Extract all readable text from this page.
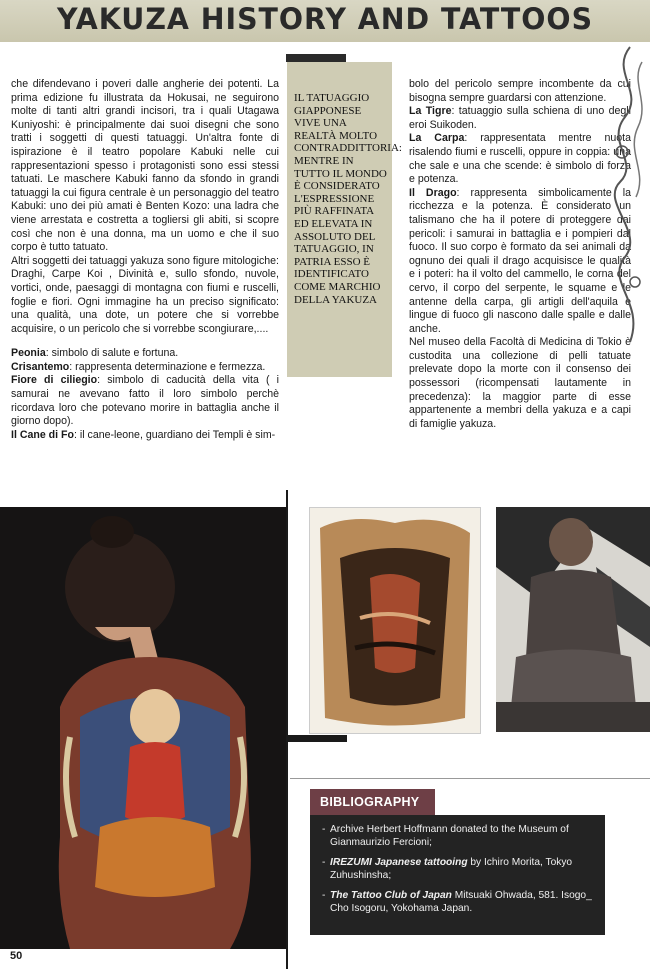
YAKUZA HISTORY AND TATTOOS

che difendevano i poveri dalle angherie dei potenti. La prima edizione fu illustrata da Hokusai, ne seguirono molte di tanti altri grandi incisori, tra i quali Utagawa Kuniyoshi: è principalmente dai suoi disegni che sono tratti i soggetti di questi tatuaggi. Un'altra fonte di ispirazione è il teatro popolare Kabuki nelle cui rappresentazioni spesso i protagonisti sono essi stessi tatuati. Le maschere Kabuki fanno da sfondo in grandi tatuaggi la cui figura centrale è un personaggio del teatro Kabuki: uno dei più amati è Benten Kozo: una ladra che viene arrestata e costretta a togliersi gli abiti, si scopre così che non è una donna, ma un uomo e che il suo corpo è tutto tatuato.

Altri soggetti dei tatuaggi yakuza sono figure mitologiche: Draghi, Carpe Koi , Divinità e, sullo sfondo, nuvole, vortici, onde, paesaggi di montagna con fiumi e ruscelli, foglie e fiori. Ogni immagine ha un preciso significato: una qualità, una dote, un potere che si vorrebbe acquisire, o un pericolo che si vorrebbe scongiurare,....

Peonia: simbolo di salute e fortuna.

Crisantemo: rappresenta determinazione e fermezza.

Fiore di ciliegio: simbolo di caducità della vita ( i samurai ne avevano fatto il loro simbolo perchè ricordava loro che potevano morire in battaglia anche il giorno dopo).

Il Cane di Fo: il cane-leone, guardiano dei Templi è sim-

IL TATUAGGIO GIAPPONESE VIVE UNA REALTÀ MOLTO CONTRADDITTORIA: MENTRE IN TUTTO IL MONDO È CONSIDERATO L'ESPRESSIONE PIÙ RAFFINATA ED ELEVATA IN ASSOLUTO DEL TATUAGGIO, IN PATRIA ESSO È IDENTIFICATO COME MARCHIO DELLA YAKUZA

bolo del pericolo sempre incombente da cui bisogna sempre guardarsi con attenzione.

La Tigre: tatuaggio sulla schiena di uno degli eroi Suikoden.

La Carpa: rappresentata mentre nuota risalendo fiumi e ruscelli, oppure in coppia: una che sale e una che scende: è simbolo di forza e potenza.

Il Drago: rappresenta simbolicamente la ricchezza e la potenza. È considerato un talismano che ha il potere di proteggere dai pericoli: i samurai in battaglia e i pompieri dal fuoco. Il suo corpo è formato da sei animali da ognuno dei quali il drago acquisisce le qualità e i poteri: ha il volto del cammello, le corna del cervo, il corpo del serpente, le squame e le antenne della carpa, gli artigli dell'aquila e lingue di fuoco gli nascono dalle spalle e dalle anche.

Nel museo della Facoltà di Medicina di Tokio è custodita una collezione di pelli tatuate prelevate dopo la morte con il consenso dei possessori (ricompensati lautamente in precedenza): la maggior parte di esse appartenente a membri della yakuza e a capi di famiglie yakuza.

BIBLIOGRAPHY
- Archive Herbert Hoffmann donated to the Museum of Gianmaurizio Fercioni;
- IREZUMI Japanese tattooing by Ichiro Morita, Tokyo Zuhushinsha;
- The Tattoo Club of Japan Mitsuaki Ohwada, 581. Isogo_ Cho Isogoru, Yokohama Japan.
50
